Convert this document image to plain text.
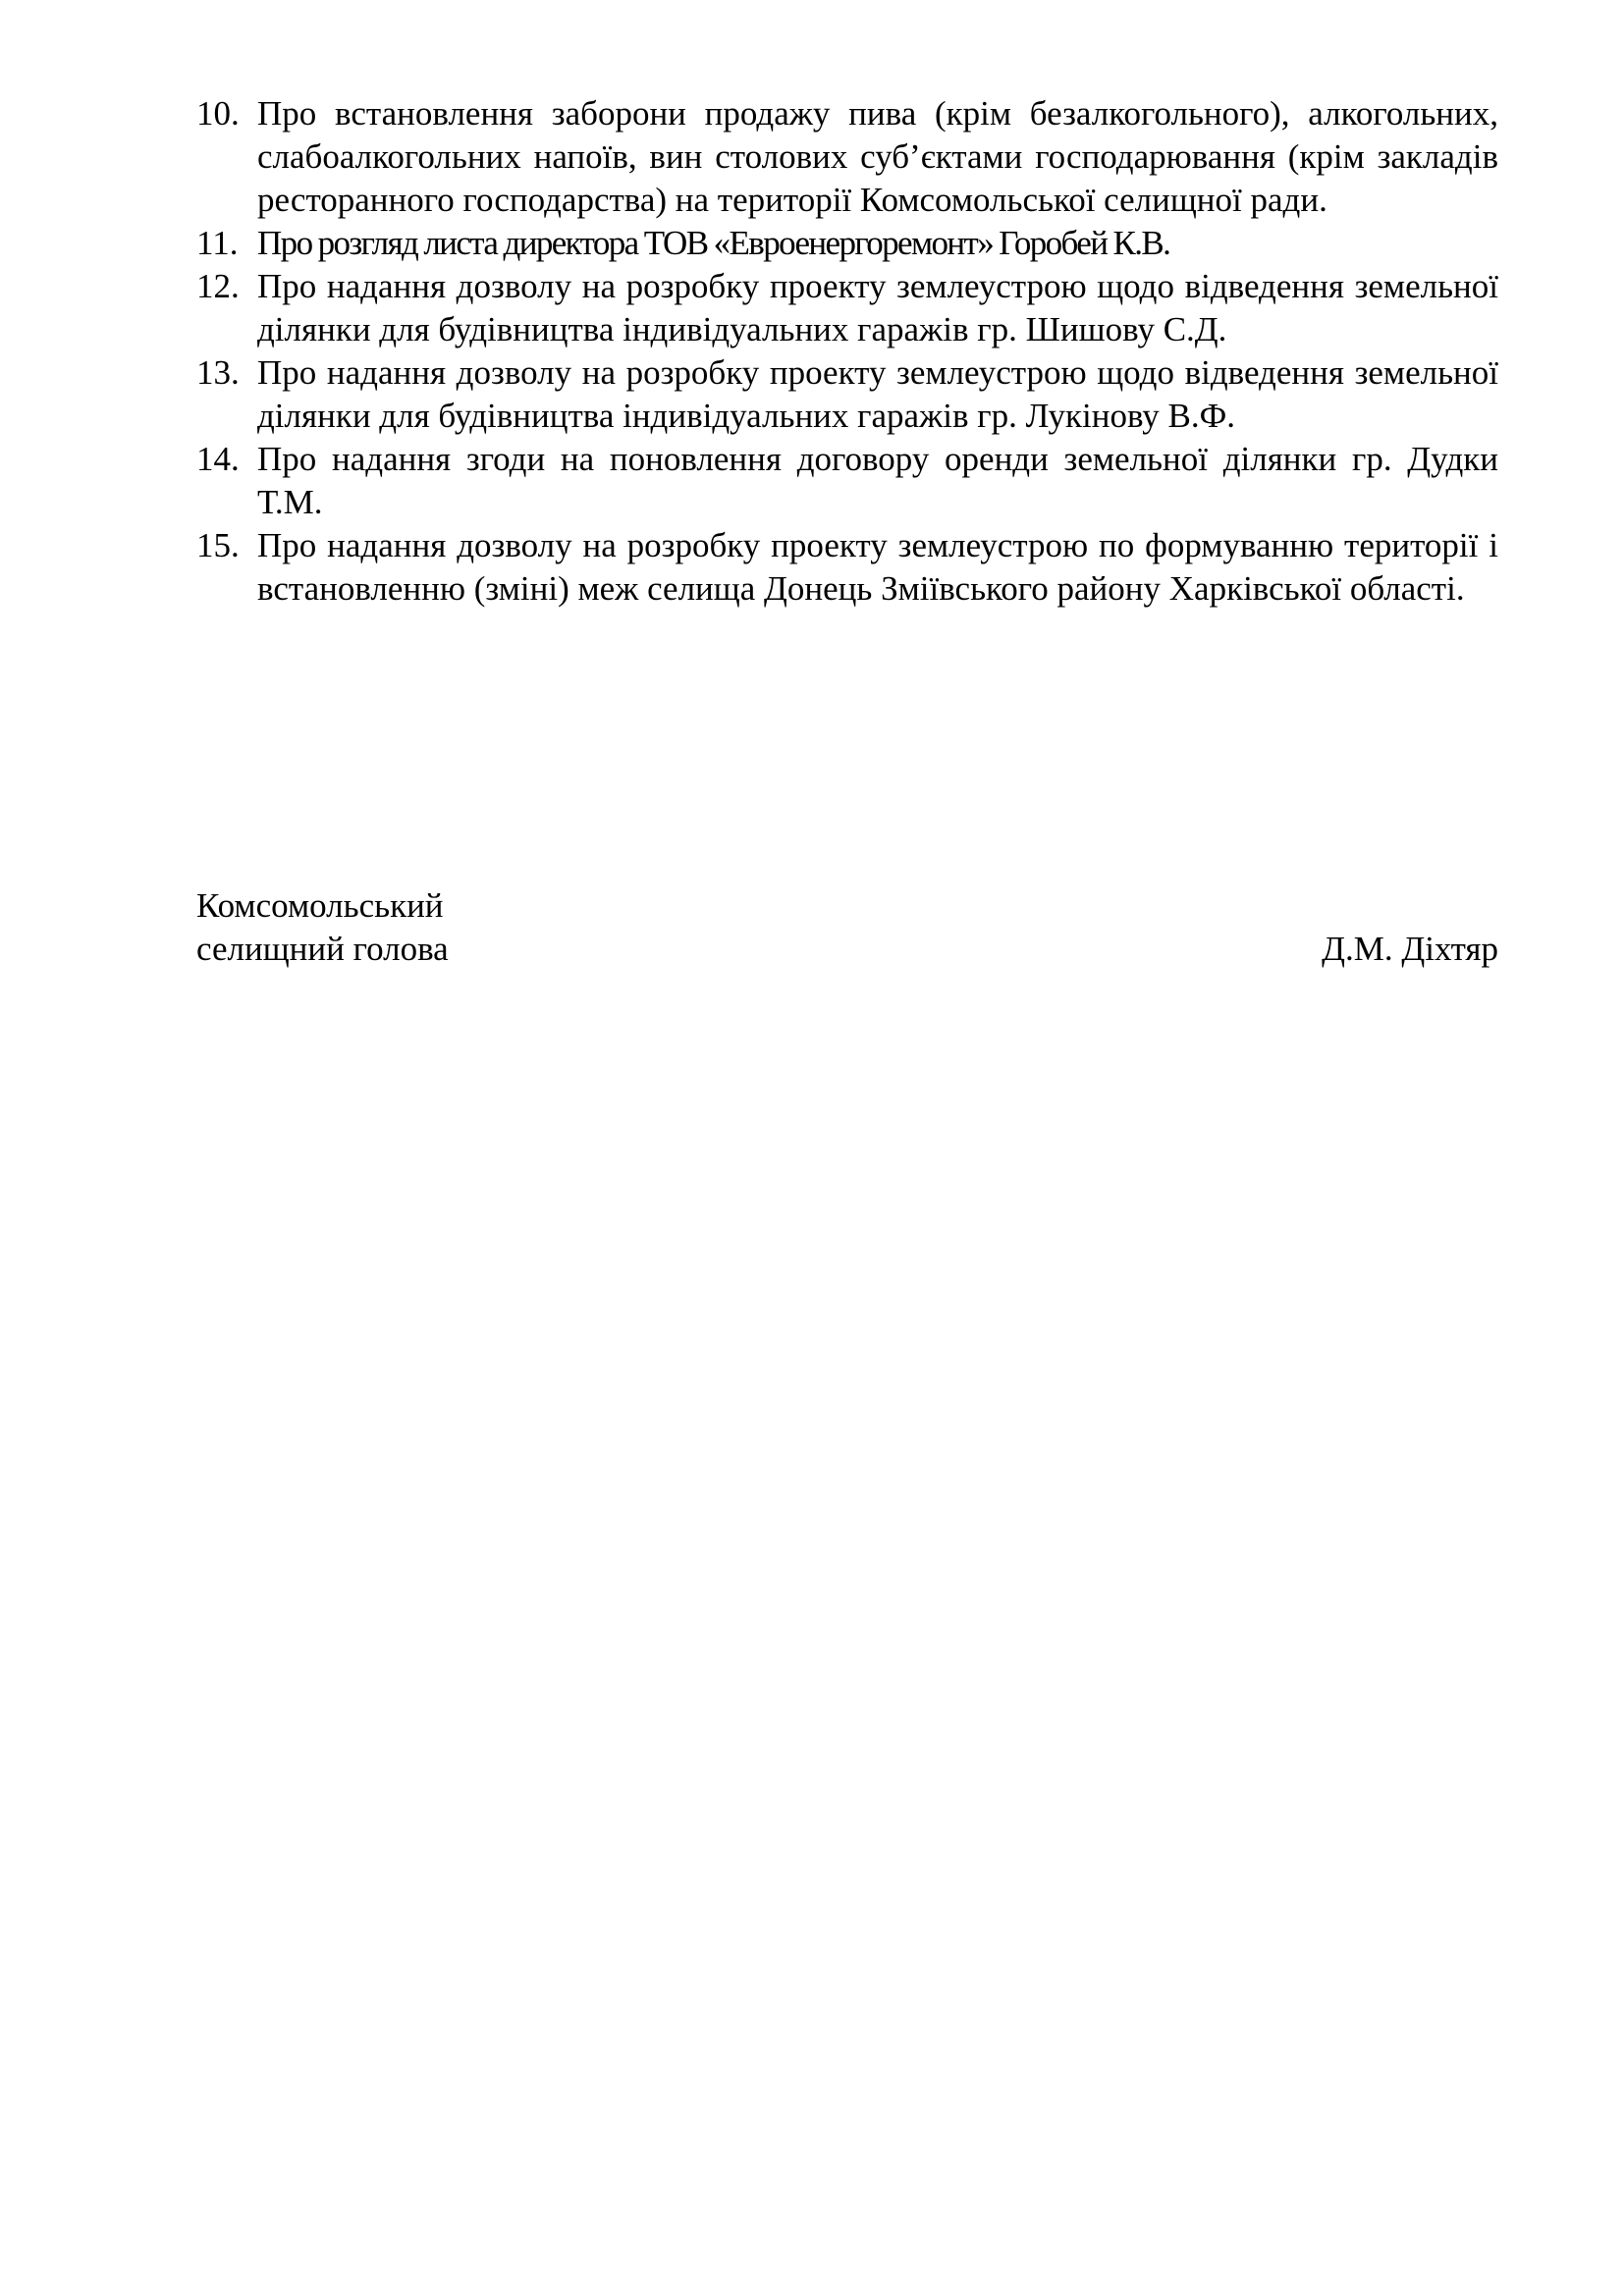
10. Про встановлення заборони продажу пива (крім безалкогольного), алкогольних, слабоалкогольних напоїв, вин столових суб’єктами господарювання (крім закладів ресторанного господарства) на території Комсомольської селищної ради.
11. Про розгляд листа директора ТОВ «Евроенергоремонт» Горобей К.В.
12. Про надання дозволу на розробку проекту землеустрою щодо відведення земельної ділянки для будівництва індивідуальних гаражів гр. Шишову С.Д.
13. Про надання дозволу на розробку проекту землеустрою щодо відведення земельної ділянки для будівництва індивідуальних гаражів гр. Лукінову В.Ф.
14. Про надання згоди на поновлення договору оренди земельної ділянки гр. Дудки Т.М.
15. Про надання дозволу на розробку проекту землеустрою по формуванню території і встановленню (зміні) меж селища Донець Зміївського району Харківської області.
Комсомольський
селищний голова	Д.М. Діхтяр
